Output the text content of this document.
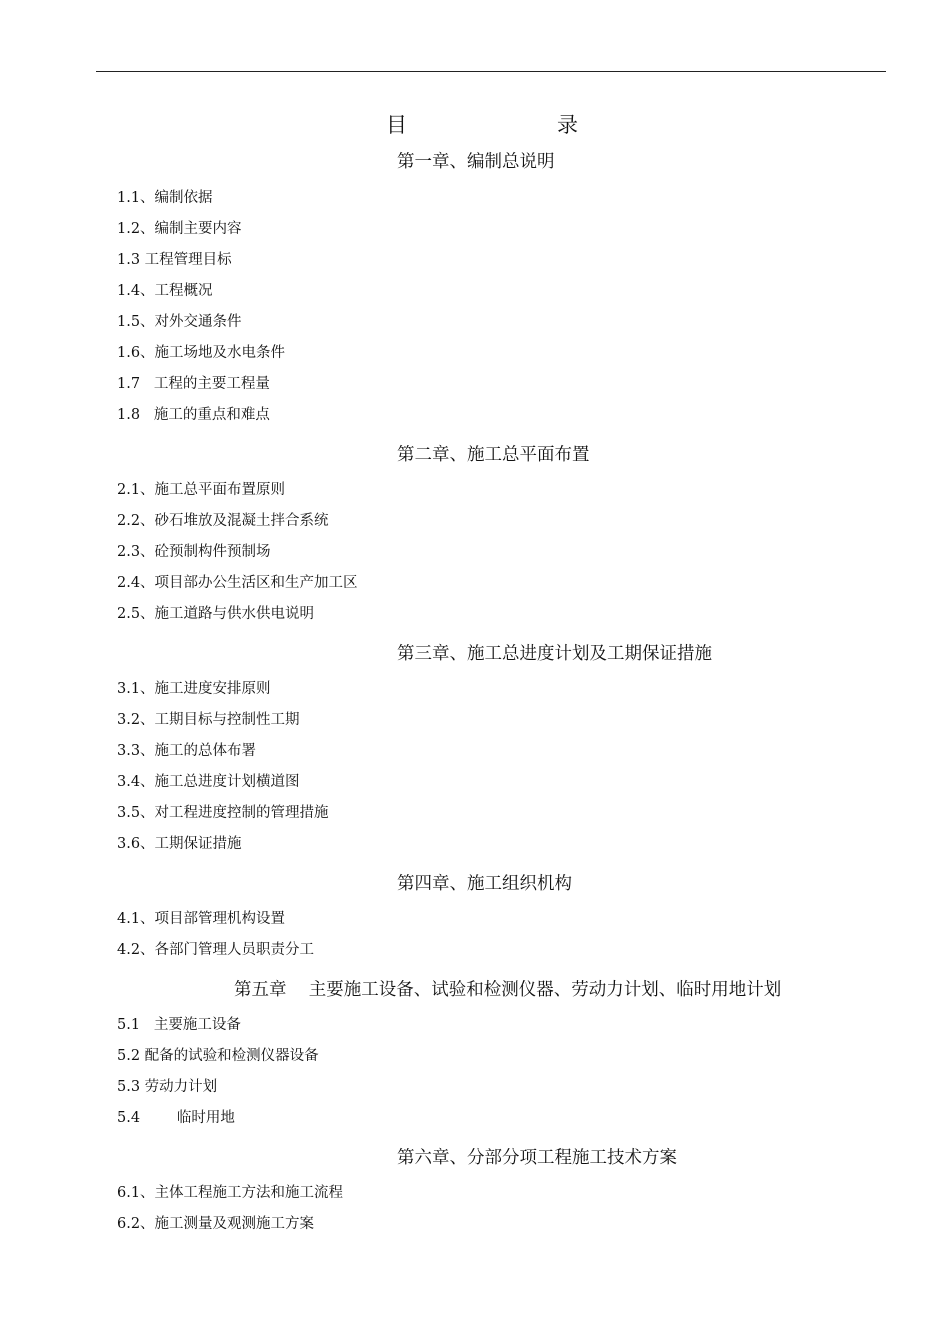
目	录
第一章、编制总说明
1.1、编制依据
1.2、编制主要内容
1.3 工程管理目标
1.4、工程概况
1.5、对外交通条件
1.6、施工场地及水电条件
1.7   工程的主要工程量
1.8   施工的重点和难点
第二章、施工总平面布置
2.1、施工总平面布置原则
2.2、砂石堆放及混凝土拌合系统
2.3、砼预制构件预制场
2.4、项目部办公生活区和生产加工区
2.5、施工道路与供水供电说明
第三章、施工总进度计划及工期保证措施
3.1、施工进度安排原则
3.2、工期目标与控制性工期
3.3、施工的总体布署
3.4、施工总进度计划横道图
3.5、对工程进度控制的管理措施
3.6、工期保证措施
第四章、施工组织机构
4.1、项目部管理机构设置
4.2、各部门管理人员职责分工
第五章    主要施工设备、试验和检测仪器、劳动力计划、临时用地计划
5.1   主要施工设备
5.2 配备的试验和检测仪器设备
5.3 劳动力计划
5.4        临时用地
第六章、分部分项工程施工技术方案
6.1、主体工程施工方法和施工流程
6.2、施工测量及观测施工方案
